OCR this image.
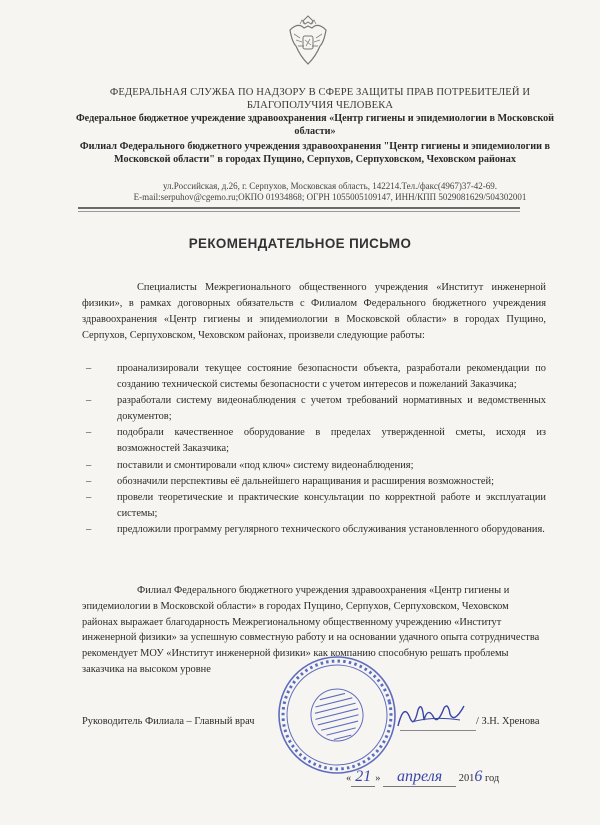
ФЕДЕРАЛЬНАЯ СЛУЖБА ПО НАДЗОРУ В СФЕРЕ ЗАЩИТЫ ПРАВ ПОТРЕБИТЕЛЕЙ И БЛАГОПОЛУЧИЯ ЧЕЛОВЕКА
Федеральное бюджетное учреждение здравоохранения «Центр гигиены и эпидемиологии в Московской области»
Филиал Федерального бюджетного учреждения здравоохранения "Центр гигиены и эпидемиологии в Московской области" в городах Пущино, Серпухов, Серпуховском, Чеховском районах
ул.Российская, д.26, г. Серпухов, Московская область, 142214.Тел./факс(4967)37-42-69.
E-mail:serpuhov@cgemo.ru;ОКПО 01934868; ОГРН 1055005109147, ИНН/КПП 5029081629/504302001
РЕКОМЕНДАТЕЛЬНОЕ ПИСЬМО
Специалисты Межрегионального общественного учреждения «Институт инженерной физики», в рамках договорных обязательств с Филиалом Федерального бюджетного учреждения здравоохранения «Центр гигиены и эпидемиологии в Московской области» в городах Пущино, Серпухов, Серпуховском, Чеховском районах, произвели следующие работы:
– проанализировали текущее состояние безопасности объекта, разработали рекомендации по созданию технической системы безопасности с учетом интересов и пожеланий Заказчика;
– разработали систему видеонаблюдения с учетом требований нормативных и ведомственных документов;
– подобрали качественное оборудование в пределах утвержденной сметы, исходя из возможностей Заказчика;
– поставили и смонтировали «под ключ» систему видеонаблюдения;
– обозначили перспективы её дальнейшего наращивания и расширения возможностей;
– провели теоретические и практические консультации по корректной работе и эксплуатации системы;
– предложили программу регулярного технического обслуживания установленного оборудования.
Филиал Федерального бюджетного учреждения здравоохранения «Центр гигиены и эпидемиологии в Московской области» в городах Пущино, Серпухов, Серпуховском, Чеховском районах выражает благодарность Межрегиональному общественному учреждению «Институт инженерной физики» за успешную совместную работу и на основании удачного опыта сотрудничества рекомендует МОУ «Институт инженерной физики» как компанию способную решать проблемы заказчика на высоком уровне
Руководитель Филиала – Главный врач	/ З.Н. Хренова
« 21 » апреля 2016 год
